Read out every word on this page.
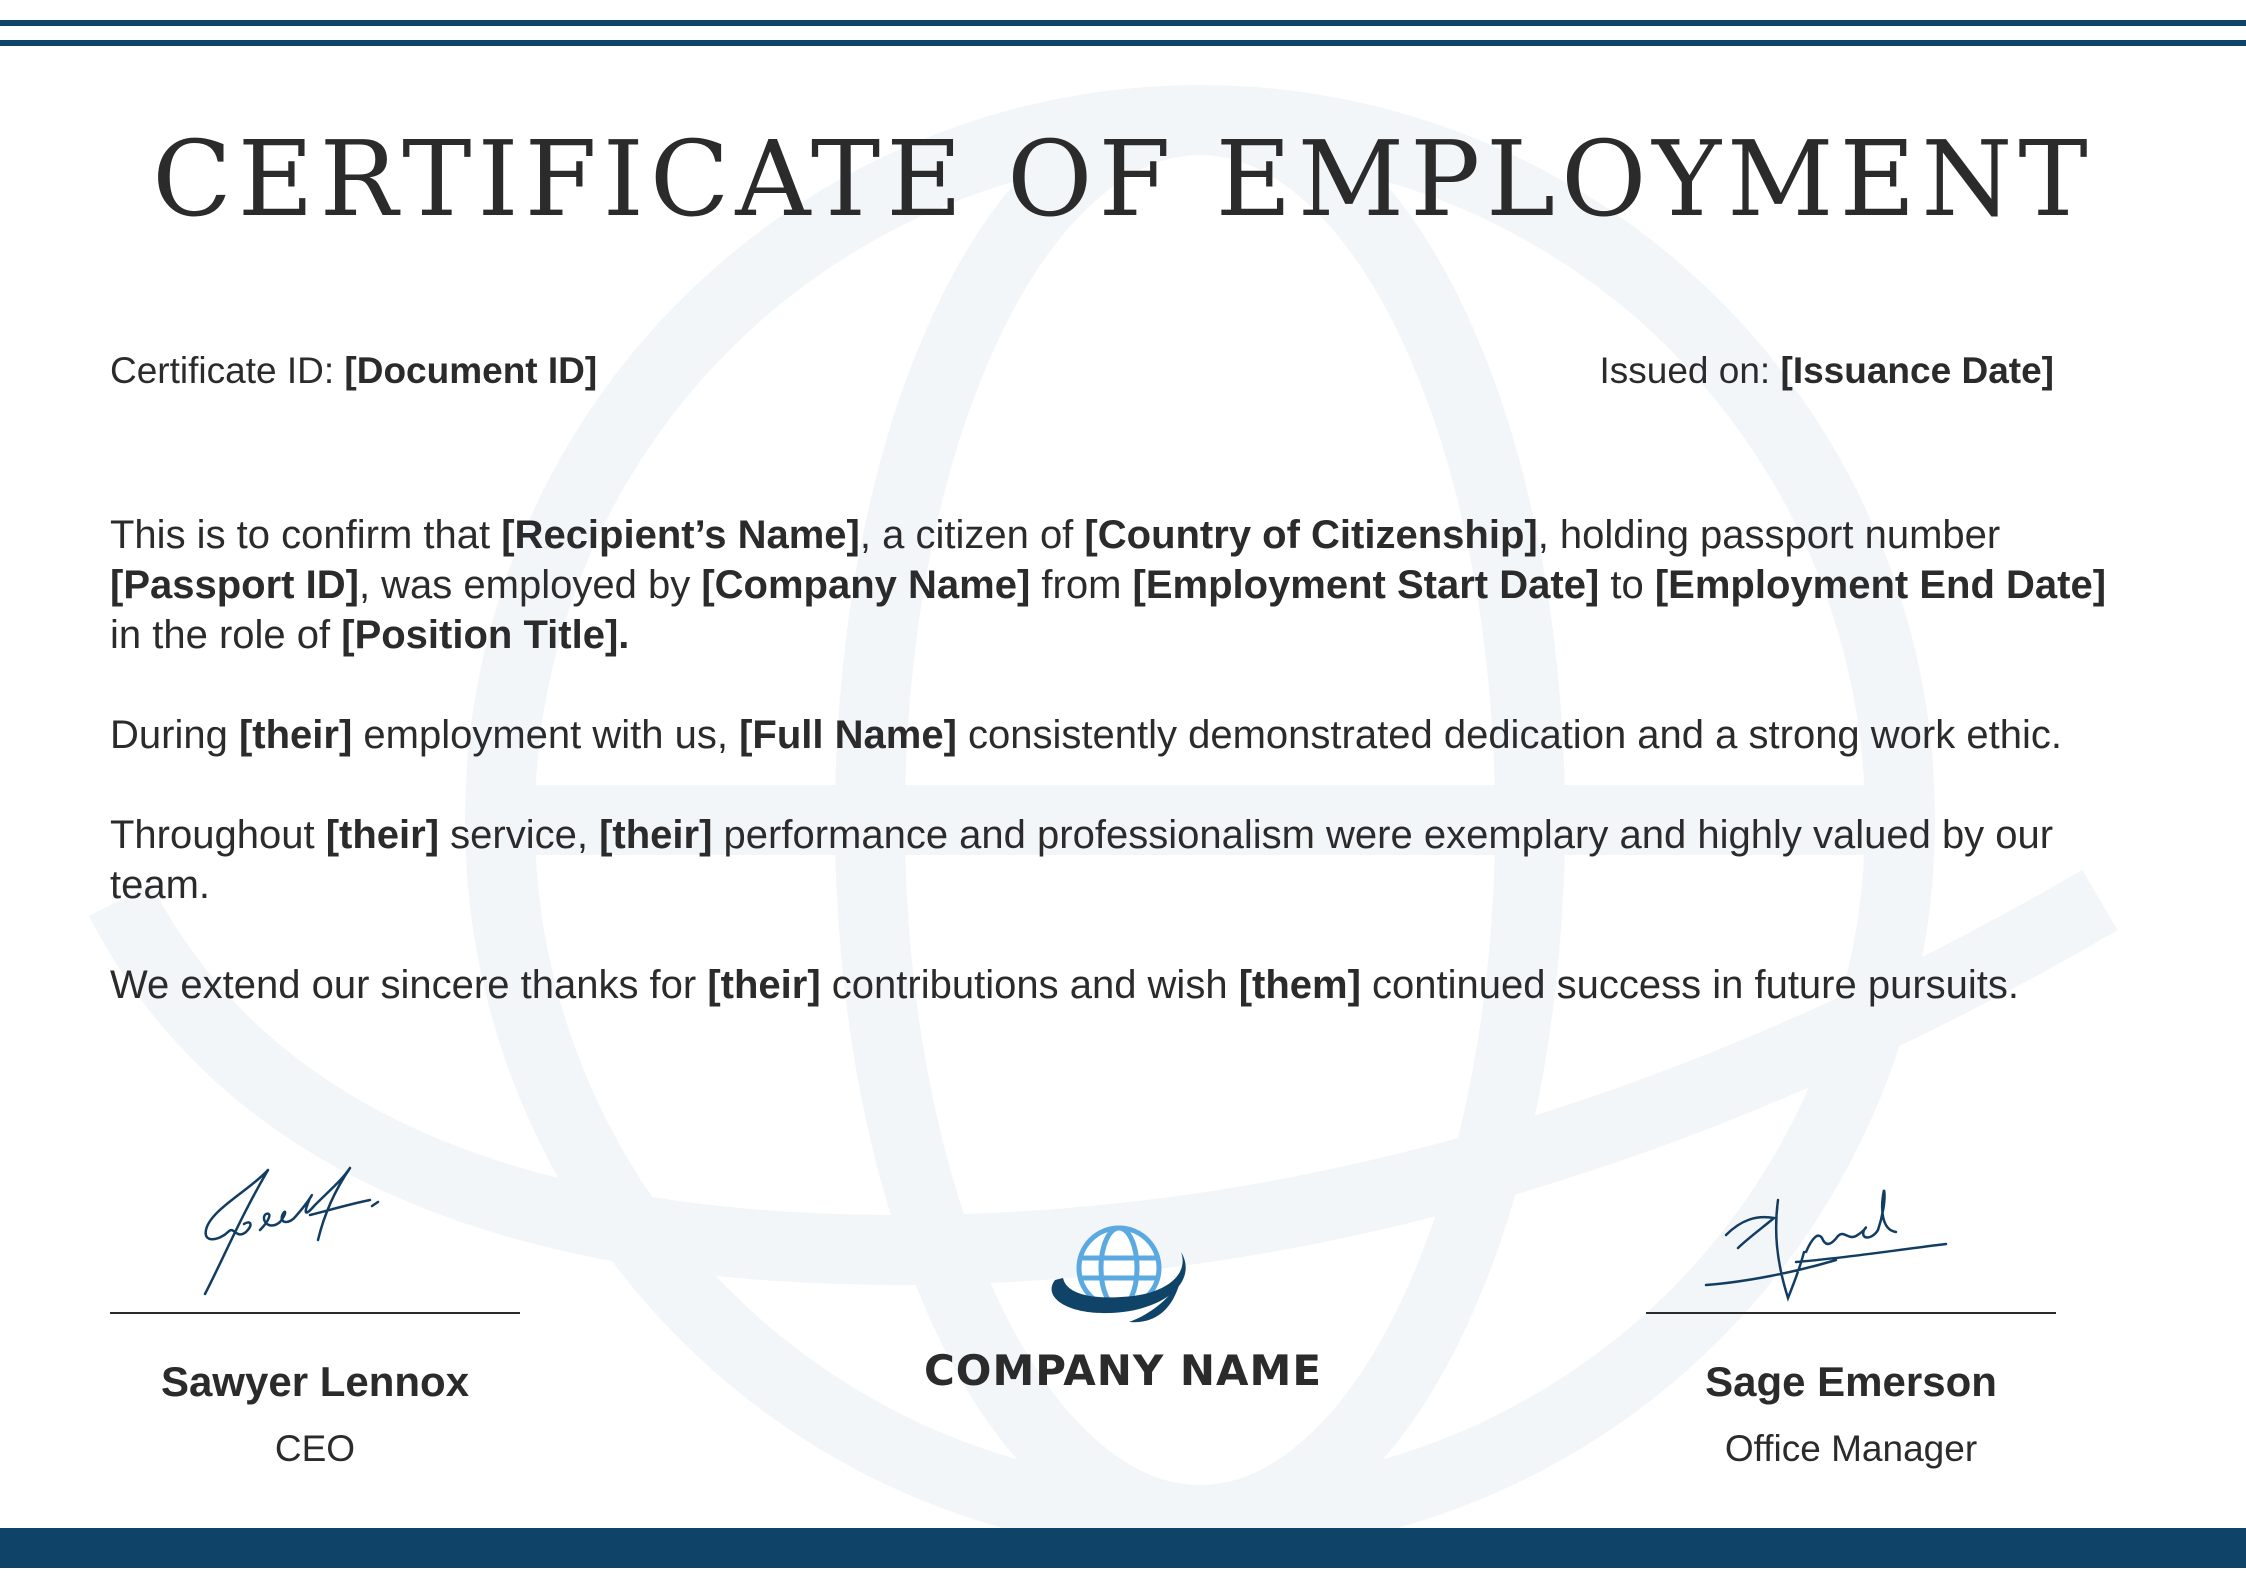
CERTIFICATE OF EMPLOYMENT
Certificate ID: [Document ID]	Issued on: [Issuance Date]

This is to confirm that [Recipient’s Name], a citizen of [Country of Citizenship], holding passport number [Passport ID], was employed by [Company Name] from [Employment Start Date] to [Employment End Date] in the role of [Position Title].

During [their] employment with us, [Full Name] consistently demonstrated dedication and a strong work ethic.

Throughout [their] service, [their] performance and professionalism were exemplary and highly valued by our team.

We extend our sincere thanks for [their] contributions and wish [them] continued success in future pursuits.

Sawyer Lennox
CEO
Sage Emerson
Office Manager
COMPANY NAME
